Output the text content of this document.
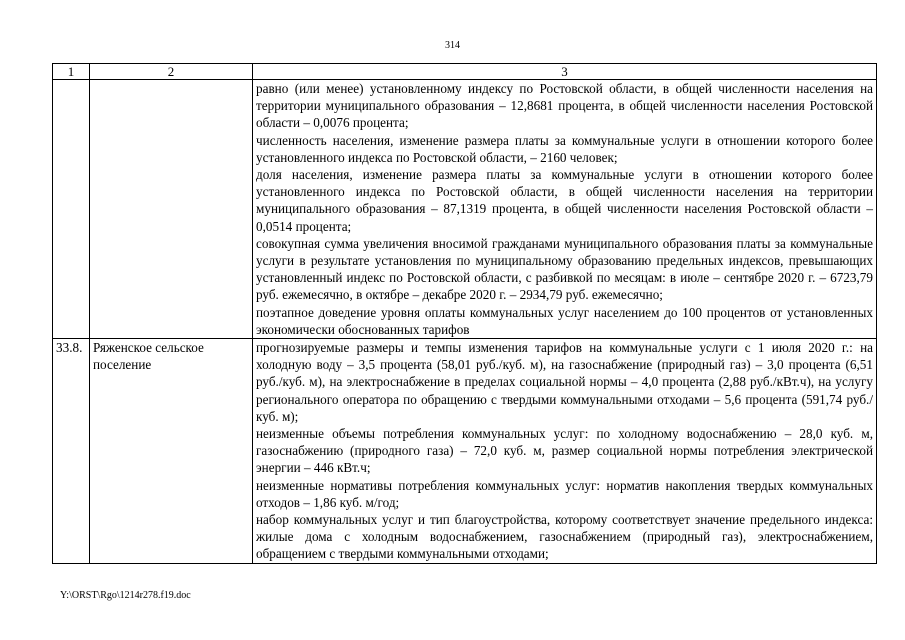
314
1	2	3

		равно (или менее) установленному индексу по Ростовской области, в общей численности населения на территории муниципального образования – 12,8681 процента, в общей численности населения Ростовской области – 0,0076 процента;
численность населения, изменение размера платы за коммунальные услуги в отношении которого более установленного индекса по Ростовской области, – 2160 человек;
доля населения, изменение размера платы за коммунальные услуги в отношении которого более установленного индекса по Ростовской области, в общей численности населения на территории муниципального образования – 87,1319 процента, в общей численности населения Ростовской области – 0,0514 процента;
совокупная сумма увеличения вносимой гражданами муниципального образования платы за коммунальные услуги в результате установления по муниципальному образованию предельных индексов, превышающих установленный индекс по Ростовской области, с разбивкой по месяцам: в июле – сентябре 2020 г. – 6723,79 руб. ежемесячно, в октябре – декабре 2020 г. – 2934,79 руб. ежемесячно;
поэтапное доведение уровня оплаты коммунальных услуг населением до 100 процентов от установленных экономически обоснованных тарифов

33.8.	Ряженское сельское поселение	прогнозируемые размеры и темпы изменения тарифов на коммунальные услуги с 1 июля 2020 г.: на холодную воду – 3,5 процента (58,01 руб./куб. м), на газоснабжение (природный газ) – 3,0 процента (6,51 руб./куб. м), на электроснабжение в пределах социальной нормы – 4,0 процента (2,88 руб./кВт.ч), на услугу регионального оператора по обращению с твердыми коммунальными отходами – 5,6 процента (591,74 руб./куб. м);
неизменные объемы потребления коммунальных услуг: по холодному водоснабжению – 28,0 куб. м, газоснабжению (природного газа) – 72,0 куб. м, размер социальной нормы потребления электрической энергии – 446 кВт.ч;
неизменные нормативы потребления коммунальных услуг: норматив накопления твердых коммунальных отходов – 1,86 куб. м/год;
набор коммунальных услуг и тип благоустройства, которому соответствует значение предельного индекса: жилые дома с холодным водоснабжением, газоснабжением (природный газ), электроснабжением, обращением с твердыми коммунальными отходами;
Y:\ORST\Rgo\1214r278.f19.doc
